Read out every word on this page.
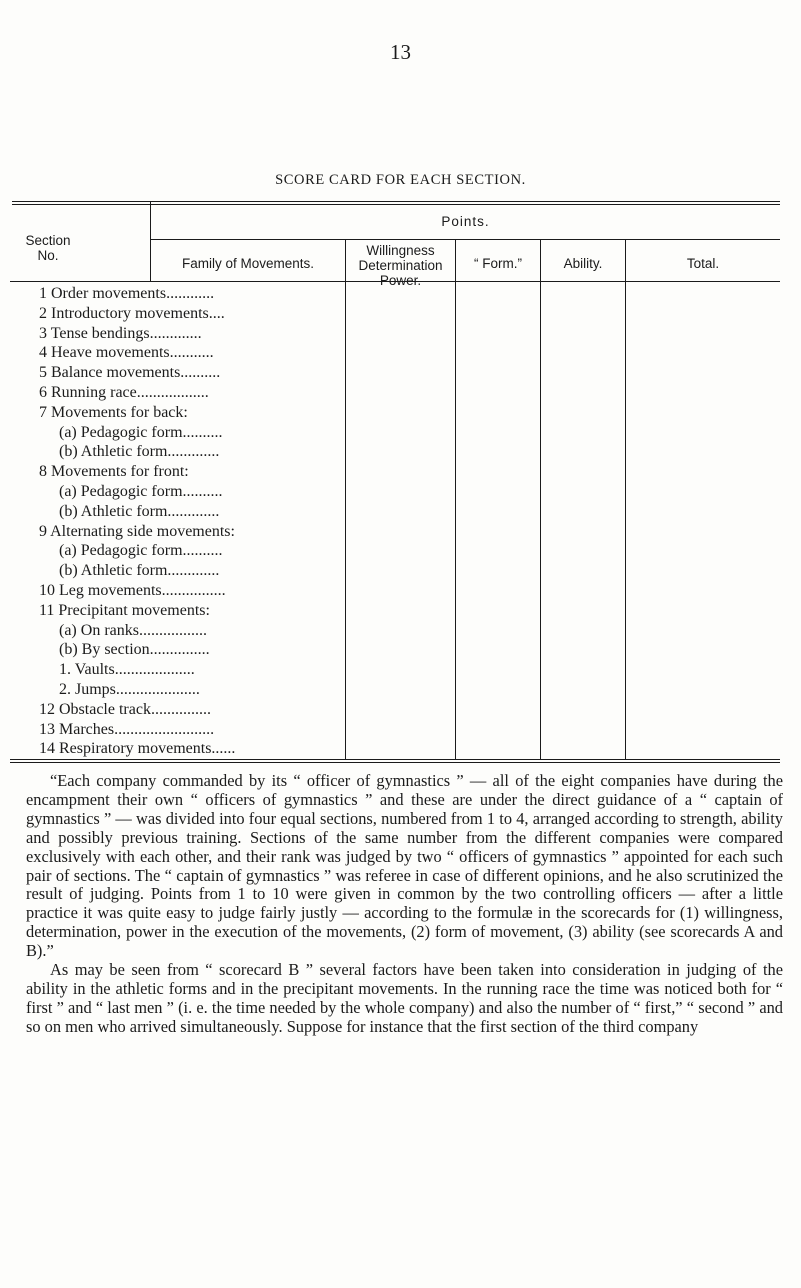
13
SCORE CARD FOR EACH SECTION.
Section No.
Points.
Family of Movements.
Willingness Determination Power.
“ Form.”	Ability.	Total.
1 Order movements............
2 Introductory movements....
3 Tense bendings.............
4 Heave movements...........
5 Balance movements..........
6 Running race..................
7 Movements for back:
(a) Pedagogic form..........
(b) Athletic form.............
8 Movements for front:
(a) Pedagogic form..........
(b) Athletic form.............
9 Alternating side movements:
(a) Pedagogic form..........
(b) Athletic form.............
10 Leg movements................
11 Precipitant movements:
(a) On ranks.................
(b) By section...............
1. Vaults....................
2. Jumps.....................
12 Obstacle track...............
13 Marches.........................
14 Respiratory movements......

“Each company commanded by its “ officer of gymnastics ” — all of the eight companies have during the encampment their own “ officers of gymnastics ” and these are under the direct guidance of a “ captain of gymnastics ” — was divided into four equal sections, numbered from 1 to 4, arranged according to strength, ability and possibly previous training. Sections of the same number from the different companies were compared exclusively with each other, and their rank was judged by two “ officers of gymnastics ” appointed for each such pair of sections. The “ captain of gymnastics ” was referee in case of different opinions, and he also scrutinized the result of judging. Points from 1 to 10 were given in common by the two controlling officers — after a little practice it was quite easy to judge fairly justly — according to the formulæ in the scorecards for (1) willingness, determination, power in the execution of the movements, (2) form of movement, (3) ability (see scorecards A and B).”

As may be seen from “ scorecard B ” several factors have been taken into consideration in judging of the ability in the athletic forms and in the precipitant movements. In the running race the time was noticed both for “ first ” and “ last men ” (i. e. the time needed by the whole company) and also the number of “ first,” “ second ” and so on men who arrived simultaneously. Suppose for instance that the first section of the third company
